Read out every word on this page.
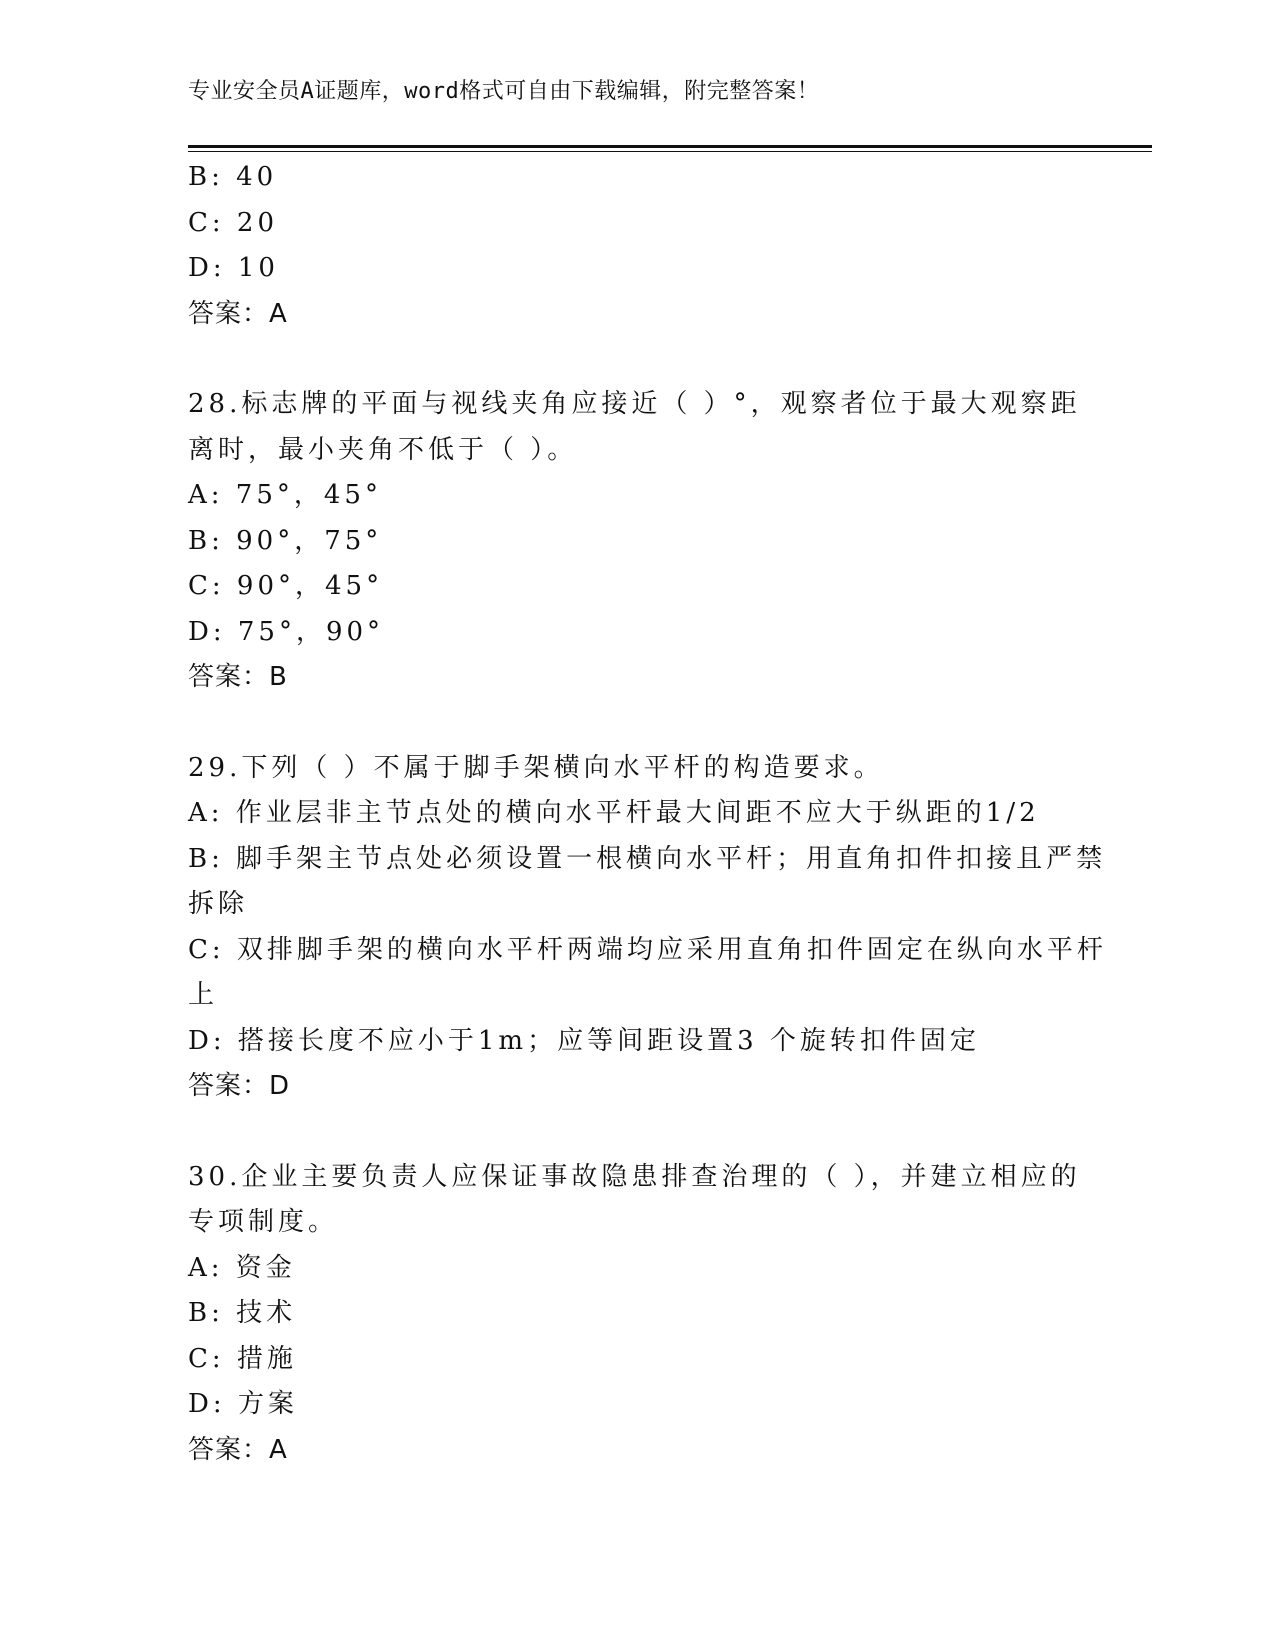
专业安全员A证题库，word格式可自由下载编辑，附完整答案！
B: 40
C: 20
D: 10
答案：A
28.标志牌的平面与视线夹角应接近（ ）°，观察者位于最大观察距
离时，最小夹角不低于（ ）。
A: 75°，45°
B: 90°，75°
C: 90°，45°
D: 75°，90°
答案：B
29.下列（ ）不属于脚手架横向水平杆的构造要求。
A: 作业层非主节点处的横向水平杆最大间距不应大于纵距的1/2
B: 脚手架主节点处必须设置一根横向水平杆；用直角扣件扣接且严禁
拆除
C: 双排脚手架的横向水平杆两端均应采用直角扣件固定在纵向水平杆
上
D: 搭接长度不应小于1m；应等间距设置3 个旋转扣件固定
答案：D
30.企业主要负责人应保证事故隐患排查治理的（ ），并建立相应的
专项制度。
A: 资金
B: 技术
C: 措施
D: 方案
答案：A
